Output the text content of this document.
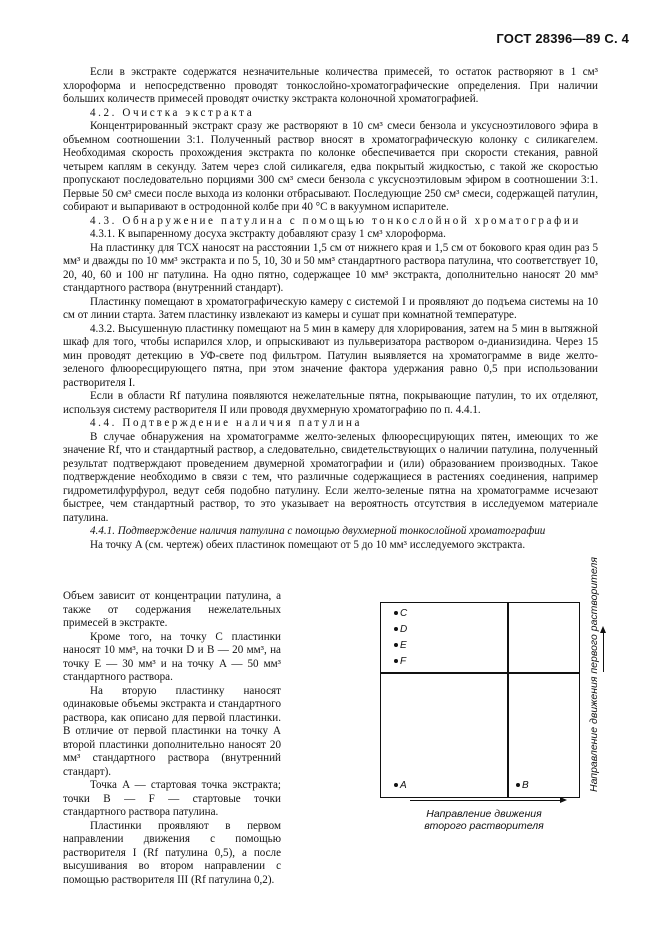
ГОСТ 28396—89 С. 4

Если в экстракте содержатся незначительные количества примесей, то остаток растворяют в 1 см³ хлороформа и непосредственно проводят тонкослойно-хроматографические определения. При наличии больших количеств примесей проводят очистку экстракта колоночной хроматографией.

4.2. Очистка экстракта

Концентрированный экстракт сразу же растворяют в 10 см³ смеси бензола и уксусноэтилового эфира в объемном соотношении 3:1. Полученный раствор вносят в хроматографическую колонку с силикагелем. Необходимая скорость прохождения экстракта по колонке обеспечивается при скорости стекания, равной четырем каплям в секунду. Затем через слой силикагеля, едва покрытый жидкостью, с такой же скоростью пропускают последовательно порциями 300 см³ смеси бензола с уксусноэтиловым эфиром в соотношении 3:1. Первые 50 см³ смеси после выхода из колонки отбрасывают. Последующие 250 см³ смеси, содержащей патулин, собирают и выпаривают в остродонной колбе при 40 °С в вакуумном испарителе.

4.3. Обнаружение патулина с помощью тонкослойной хроматографии

4.3.1. К выпаренному досуха экстракту добавляют сразу 1 см³ хлороформа.

На пластинку для ТСХ наносят на расстоянии 1,5 см от нижнего края и 1,5 см от бокового края один раз 5 мм³ и дважды по 10 мм³ экстракта и по 5, 10, 30 и 50 мм³ стандартного раствора патулина, что соответствует 10, 20, 40, 60 и 100 нг патулина. На одно пятно, содержащее 10 мм³ экстракта, дополнительно наносят 20 мм³ стандартного раствора (внутренний стандарт).

Пластинку помещают в хроматографическую камеру с системой I и проявляют до подъема системы на 10 см от линии старта. Затем пластинку извлекают из камеры и сушат при комнатной температуре.

4.3.2. Высушенную пластинку помещают на 5 мин в камеру для хлорирования, затем на 5 мин в вытяжной шкаф для того, чтобы испарился хлор, и опрыскивают из пульверизатора раствором о-дианизидина. Через 15 мин проводят детекцию в УФ-свете под фильтром. Патулин выявляется на хроматограмме в виде желто-зеленого флюоресцирующего пятна, при этом значение фактора удержания равно 0,5 при использовании растворителя I.

Если в области Rf патулина появляются нежелательные пятна, покрывающие патулин, то их отделяют, используя систему растворителя II или проводя двухмерную хроматографию по п. 4.4.1.

4.4. Подтверждение наличия патулина

В случае обнаружения на хроматограмме желто-зеленых флюоресцирующих пятен, имеющих то же значение Rf, что и стандартный раствор, а следовательно, свидетельствующих о наличии патулина, полученный результат подтверждают проведением двумерной хроматографии и (или) образованием производных. Такое подтверждение необходимо в связи с тем, что различные содержащиеся в растениях соединения, например гидрометилфурфурол, ведут себя подобно патулину. Если желто-зеленые пятна на хроматограмме исчезают быстрее, чем стандартный раствор, то это указывает на вероятность отсутствия в исследуемом материале патулина.

4.4.1. Подтверждение наличия патулина с помощью двухмерной тонкослойной хроматографии

На точку A (см. чертеж) обеих пластинок помещают от 5 до 10 мм³ исследуемого экстракта.

Объем зависит от концентрации патулина, а также от содержания нежелательных примесей в экстракте.

Кроме того, на точку C пластинки наносят 10 мм³, на точки D и B — 20 мм³, на точку E — 30 мм³ и на точку A — 50 мм³ стандартного раствора.

На вторую пластинку наносят одинаковые объемы экстракта и стандартного раствора, как описано для первой пластинки. В отличие от первой пластинки на точку A второй пластинки дополнительно наносят 20 мм³ стандартного раствора (внутренний стандарт).

Точка A — стартовая точка экстракта; точки B — F — стартовые точки стандартного раствора патулина.

Пластинки проявляют в первом направлении движения с помощью растворителя I (Rf патулина 0,5), а после высушивания во втором направлении с помощью растворителя III (Rf патулина 0,2).

C
D
E
F
A	B	Направление движения первого растворителя
Направление движения второго растворителя
